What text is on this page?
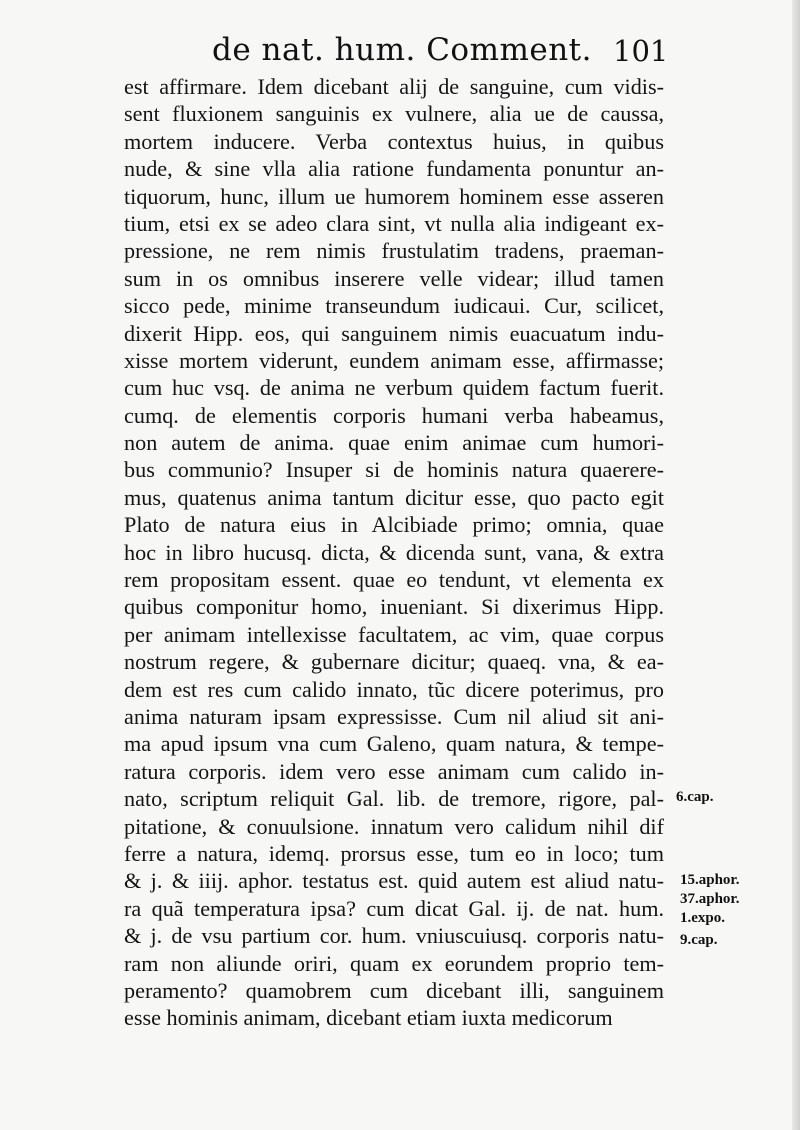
de nat. hum. Comment. 101
est affirmare. Idem dicebant alij de sanguine, cum vidis-
sent fluxionem sanguinis ex vulnere, alia ue de caussa,
mortem inducere. Verba contextus huius, in quibus
nude, & sine vlla alia ratione fundamenta ponuntur an-
tiquorum, hunc, illum ue humorem hominem esse asseren
tium, etsi ex se adeo clara sint, vt nulla alia indigeant ex-
pressione, ne rem nimis frustulatim tradens, praeman-
sum in os omnibus inserere velle videar; illud tamen
sicco pede, minime transeundum iudicaui. Cur, scilicet,
dixerit Hipp. eos, qui sanguinem nimis euacuatum indu-
xisse mortem viderunt, eundem animam esse, affirmasse;
cum huc vsq. de anima ne verbum quidem factum fuerit.
cumq. de elementis corporis humani verba habeamus,
non autem de anima. quae enim animae cum humori-
bus communio? Insuper si de hominis natura quaerere-
mus, quatenus anima tantum dicitur esse, quo pacto egit
Plato de natura eius in Alcibiade primo; omnia, quae
hoc in libro hucusq. dicta, & dicenda sunt, vana, & extra
rem propositam essent. quae eo tendunt, vt elementa ex
quibus componitur homo, inueniant. Si dixerimus Hipp.
per animam intellexisse facultatem, ac vim, quae corpus
nostrum regere, & gubernare dicitur; quaeq. vna, & ea-
dem est res cum calido innato, tũc dicere poterimus, pro
anima naturam ipsam expressisse. Cum nil aliud sit ani-
ma apud ipsum vna cum Galeno, quam natura, & tempe-
ratura corporis. idem vero esse animam cum calido in-
nato, scriptum reliquit Gal. lib. de tremore, rigore, pal-
pitatione, & conuulsione. innatum vero calidum nihil dif
ferre a natura, idemq. prorsus esse, tum eo in loco; tum
& j. & iiij. aphor. testatus est. quid autem est aliud natu-
ra quã temperatura ipsa? cum dicat Gal. ij. de nat. hum.
& j. de vsu partium cor. hum. vniuscuiusq. corporis natu-
ram non aliunde oriri, quam ex eorundem proprio tem-
peramento? quamobrem cum dicebant illi, sanguinem
esse hominis animam, dicebant etiam iuxta medicorum
6.cap.
15.aphor.
37.aphor.
1.expo.
9.cap.
